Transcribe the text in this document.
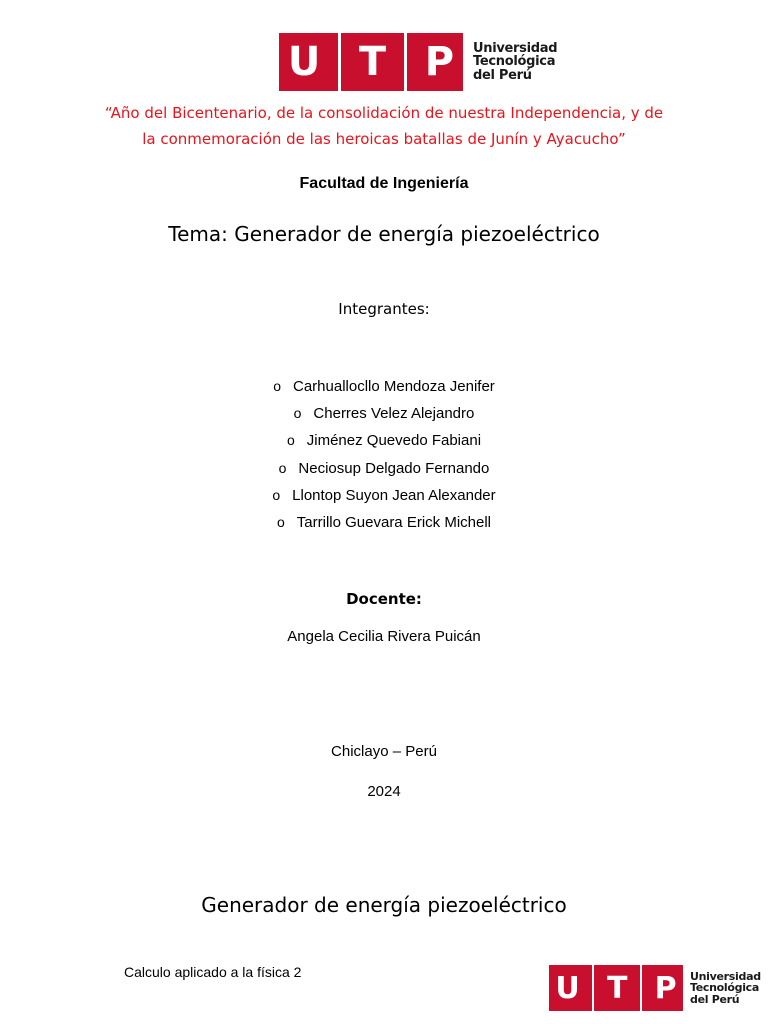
U T P Universidad
Tecnológica
del Perú
“Año del Bicentenario, de la consolidación de nuestra Independencia, y de
la conmemoración de las heroicas batallas de Junín y Ayacucho”
Facultad de Ingeniería
Tema: Generador de energía piezoeléctrico
Integrantes:
o Carhuallocllo Mendoza Jenifer
o Cherres Velez Alejandro
o Jiménez Quevedo Fabiani
o Neciosup Delgado Fernando
o Llontop Suyon Jean Alexander
o Tarrillo Guevara Erick Michell
Docente:
Angela Cecilia Rivera Puicán
Chiclayo – Perú
2024
Generador de energía piezoeléctrico
Calculo aplicado a la física 2	U T P Universidad
Tecnológica
del Perú
